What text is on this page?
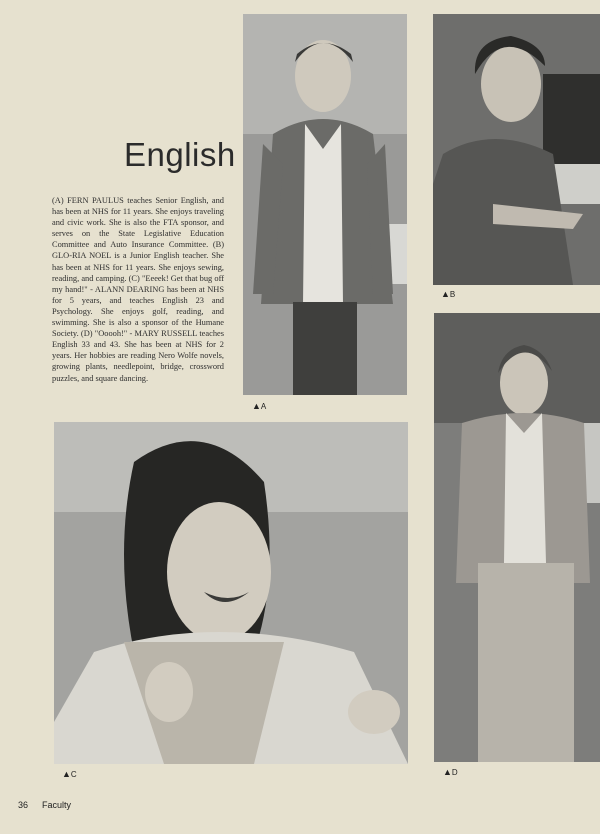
English
(A) FERN PAULUS teaches Senior English, and has been at NHS for 11 years. She enjoys traveling and civic work. She is also the FTA sponsor, and serves on the State Legislative Education Committee and Auto Insurance Committee. (B) GLO-RIA NOEL is a Junior English teacher. She has been at NHS for 11 years. She enjoys sewing, reading, and camping. (C) "Eeeek! Get that bug off my hand!" - ALANN DEARING has been at NHS for 5 years, and teaches English 23 and Psychology. She enjoys golf, reading, and swimming. She is also a sponsor of the Humane Society. (D) "Ooooh!" - MARY RUSSELL teaches English 33 and 43. She has been at NHS for 2 years. Her hobbies are reading Nero Wolfe novels, growing plants, needlepoint, bridge, crossword puzzles, and square dancing.
▲A
▲B
▲C	▲D
36 Faculty
